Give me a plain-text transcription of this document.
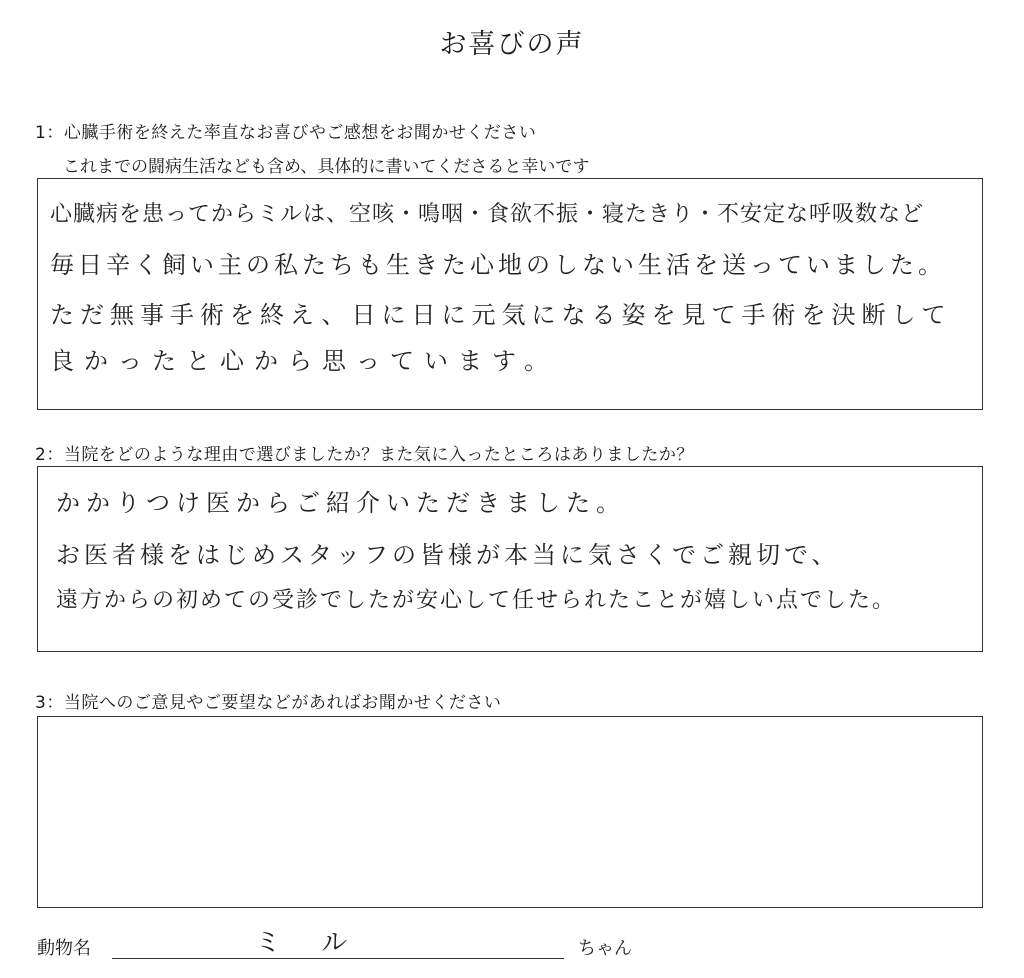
お喜びの声
1：心臓手術を終えた率直なお喜びやご感想をお聞かせください
これまでの闘病生活なども含め、具体的に書いてくださると幸いです
心臓病を患ってからミルは、空咳・鳴咽・食欲不振・寝たきり・不安定な呼吸数など
毎日辛く飼い主の私たちも生きた心地のしない生活を送っていました。
ただ無事手術を終え、日に日に元気になる姿を見て手術を決断して
良かったと心から思っています。
2：当院をどのような理由で選びましたか？また気に入ったところはありましたか？
かかりつけ医からご紹介いただきました。
お医者様をはじめスタッフの皆様が本当に気さくでご親切で、
遠方からの初めての受診でしたが安心して任せられたことが嬉しい点でした。
3：当院へのご意見やご要望などがあればお聞かせください
動物名	ミ ル	ちゃん
